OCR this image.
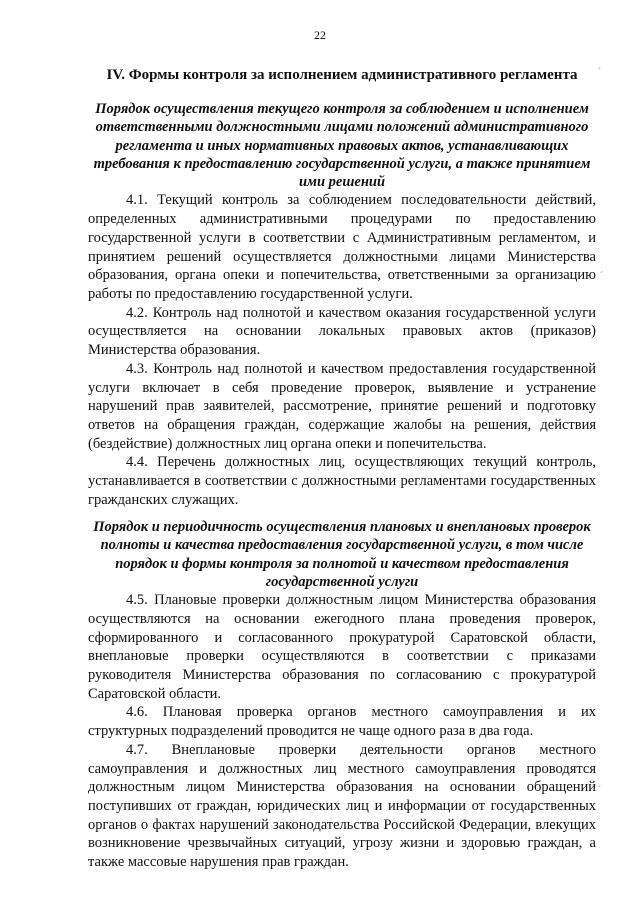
22
IV. Формы контроля за исполнением административного регламента

Порядок осуществления текущего контроля за соблюдением и исполнением ответственными должностными лицами положений административного регламента и иных нормативных правовых актов, устанавливающих требования к предоставлению государственной услуги, а также принятием ими решений

4.1. Текущий контроль за соблюдением последовательности действий, определенных административными процедурами по предоставлению государственной услуги в соответствии с Административным регламентом, и принятием решений осуществляется должностными лицами Министерства образования, органа опеки и попечительства, ответственными за организацию работы по предоставлению государственной услуги.

4.2. Контроль над полнотой и качеством оказания государственной услуги осуществляется на основании локальных правовых актов (приказов) Министерства образования.

4.3. Контроль над полнотой и качеством предоставления государственной услуги включает в себя проведение проверок, выявление и устранение нарушений прав заявителей, рассмотрение, принятие решений и подготовку ответов на обращения граждан, содержащие жалобы на решения, действия (бездействие) должностных лиц органа опеки и попечительства.

4.4. Перечень должностных лиц, осуществляющих текущий контроль, устанавливается в соответствии с должностными регламентами государственных гражданских служащих.

Порядок и периодичность осуществления плановых и внеплановых проверок полноты и качества предоставления государственной услуги, в том числе порядок и формы контроля за полнотой и качеством предоставления государственной услуги

4.5. Плановые проверки должностным лицом Министерства образования осуществляются на основании ежегодного плана проведения проверок, сформированного и согласованного прокуратурой Саратовской области, внеплановые проверки осуществляются в соответствии с приказами руководителя Министерства образования по согласованию с прокуратурой Саратовской области.

4.6. Плановая проверка органов местного самоуправления и их структурных подразделений проводится не чаще одного раза в два года.

4.7. Внеплановые проверки деятельности органов местного самоуправления и должностных лиц местного самоуправления проводятся должностным лицом Министерства образования на основании обращений поступивших от граждан, юридических лиц и информации от государственных органов о фактах нарушений законодательства Российской Федерации, влекущих возникновение чрезвычайных ситуаций, угрозу жизни и здоровью граждан, а также массовые нарушения прав граждан.

´
´
´
